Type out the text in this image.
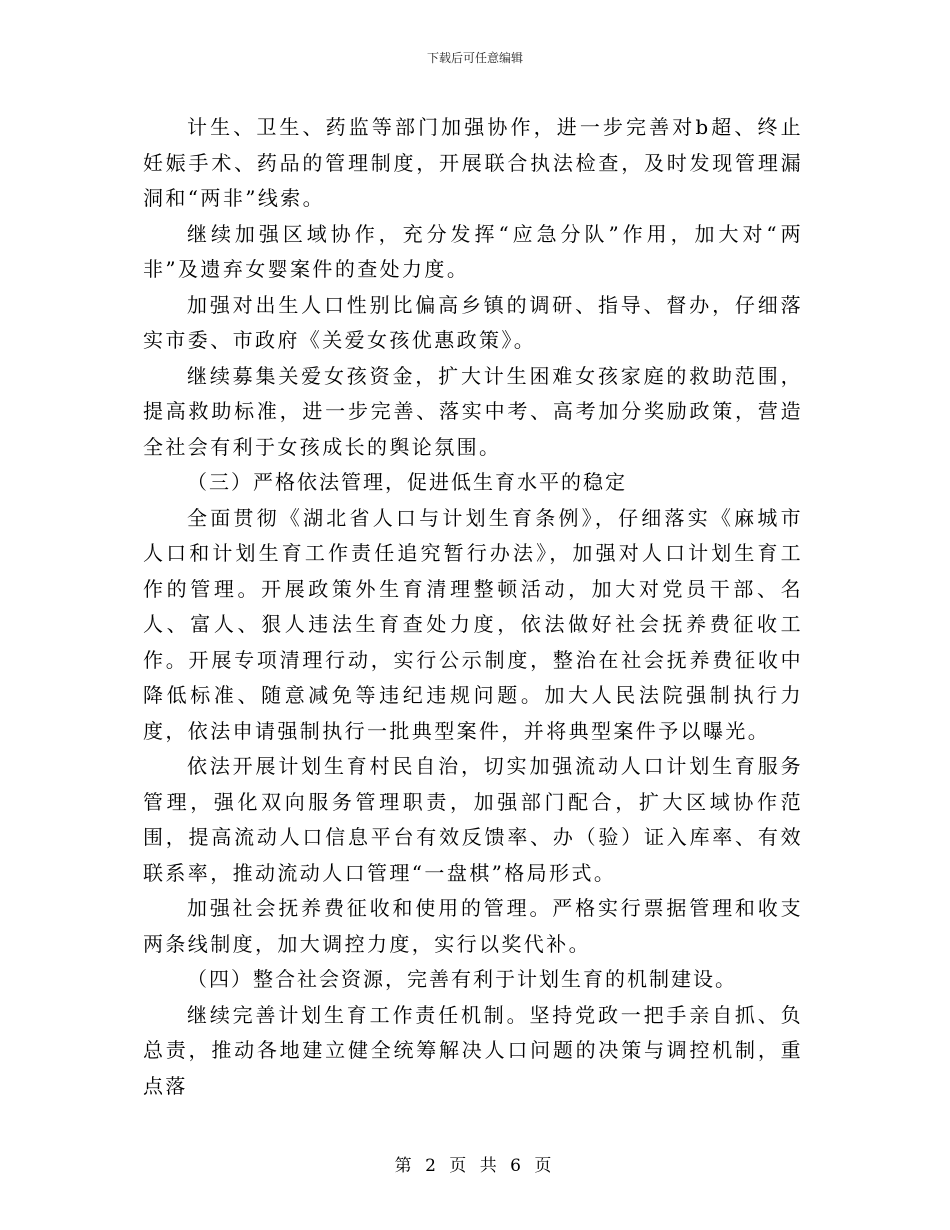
下载后可任意编辑

计生、卫生、药监等部门加强协作，进一步完善对b超、终止妊娠手术、药品的管理制度，开展联合执法检查，及时发现管理漏洞和“两非”线索。

继续加强区域协作，充分发挥“应急分队”作用，加大对“两非”及遗弃女婴案件的查处力度。

加强对出生人口性别比偏高乡镇的调研、指导、督办，仔细落实市委、市政府《关爱女孩优惠政策》。

继续募集关爱女孩资金，扩大计生困难女孩家庭的救助范围，提高救助标准，进一步完善、落实中考、高考加分奖励政策，营造全社会有利于女孩成长的舆论氛围。

（三）严格依法管理，促进低生育水平的稳定

全面贯彻《湖北省人口与计划生育条例》，仔细落实《麻城市人口和计划生育工作责任追究暂行办法》，加强对人口计划生育工作的管理。开展政策外生育清理整顿活动，加大对党员干部、名人、富人、狠人违法生育查处力度，依法做好社会抚养费征收工作。开展专项清理行动，实行公示制度，整治在社会抚养费征收中降低标准、随意减免等违纪违规问题。加大人民法院强制执行力度，依法申请强制执行一批典型案件，并将典型案件予以曝光。

依法开展计划生育村民自治，切实加强流动人口计划生育服务管理，强化双向服务管理职责，加强部门配合，扩大区域协作范围，提高流动人口信息平台有效反馈率、办（验）证入库率、有效联系率，推动流动人口管理“一盘棋”格局形式。

加强社会抚养费征收和使用的管理。严格实行票据管理和收支两条线制度，加大调控力度，实行以奖代补。

（四）整合社会资源，完善有利于计划生育的机制建设。

继续完善计划生育工作责任机制。坚持党政一把手亲自抓、负总责，推动各地建立健全统筹解决人口问题的决策与调控机制，重点落

第 2 页 共 6 页
